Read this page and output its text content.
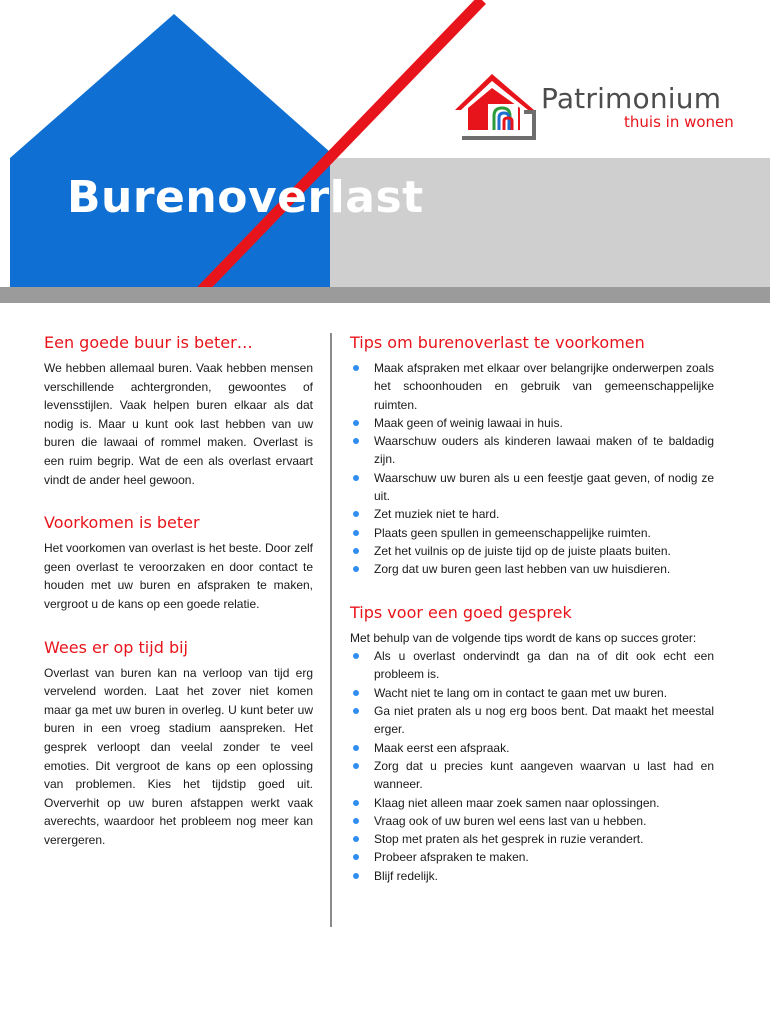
Burenoverlast
Patrimonium
thuis in wonen
Een goede buur is beter…

We hebben allemaal buren. Vaak hebben mensen verschillende achtergronden, gewoontes of levensstijlen. Vaak helpen buren elkaar als dat nodig is. Maar u kunt ook last hebben van uw buren die lawaai of rommel maken. Overlast is een ruim begrip. Wat de een als overlast ervaart vindt de ander heel gewoon.

Voorkomen is beter

Het voorkomen van overlast is het beste. Door zelf geen overlast te veroorzaken en door contact te houden met uw buren en afspraken te maken, vergroot u de kans op een goede relatie.

Wees er op tijd bij

Overlast van buren kan na verloop van tijd erg vervelend worden. Laat het zover niet komen maar ga met uw buren in overleg. U kunt beter uw buren in een vroeg stadium aanspreken. Het gesprek verloopt dan veelal zonder te veel emoties. Dit vergroot de kans op een oplossing van problemen. Kies het tijdstip goed uit. Oververhit op uw buren afstappen werkt vaak averechts, waardoor het probleem nog meer kan verergeren.

Tips om burenoverlast te voorkomen
Maak afspraken met elkaar over belangrijke onderwerpen zoals het schoonhouden en gebruik van gemeenschappelijke ruimten.
Maak geen of weinig lawaai in huis.
Waarschuw ouders als kinderen lawaai maken of te baldadig zijn.
Waarschuw uw buren als u een feestje gaat geven, of nodig ze uit.
Zet muziek niet te hard.
Plaats geen spullen in gemeenschappelijke ruimten.
Zet het vuilnis op de juiste tijd op de juiste plaats buiten.
Zorg dat uw buren geen last hebben van uw huisdieren.
Tips voor een goed gesprek

Met behulp van de volgende tips wordt de kans op succes groter:

Als u overlast ondervindt ga dan na of dit ook echt een probleem is.
Wacht niet te lang om in contact te gaan met uw buren.
Ga niet praten als u nog erg boos bent. Dat maakt het meestal erger.
Maak eerst een afspraak.
Zorg dat u precies kunt aangeven waarvan u last had en wanneer.
Klaag niet alleen maar zoek samen naar oplossingen.
Vraag ook of uw buren wel eens last van u hebben.
Stop met praten als het gesprek in ruzie verandert.
Probeer afspraken te maken.
Blijf redelijk.
